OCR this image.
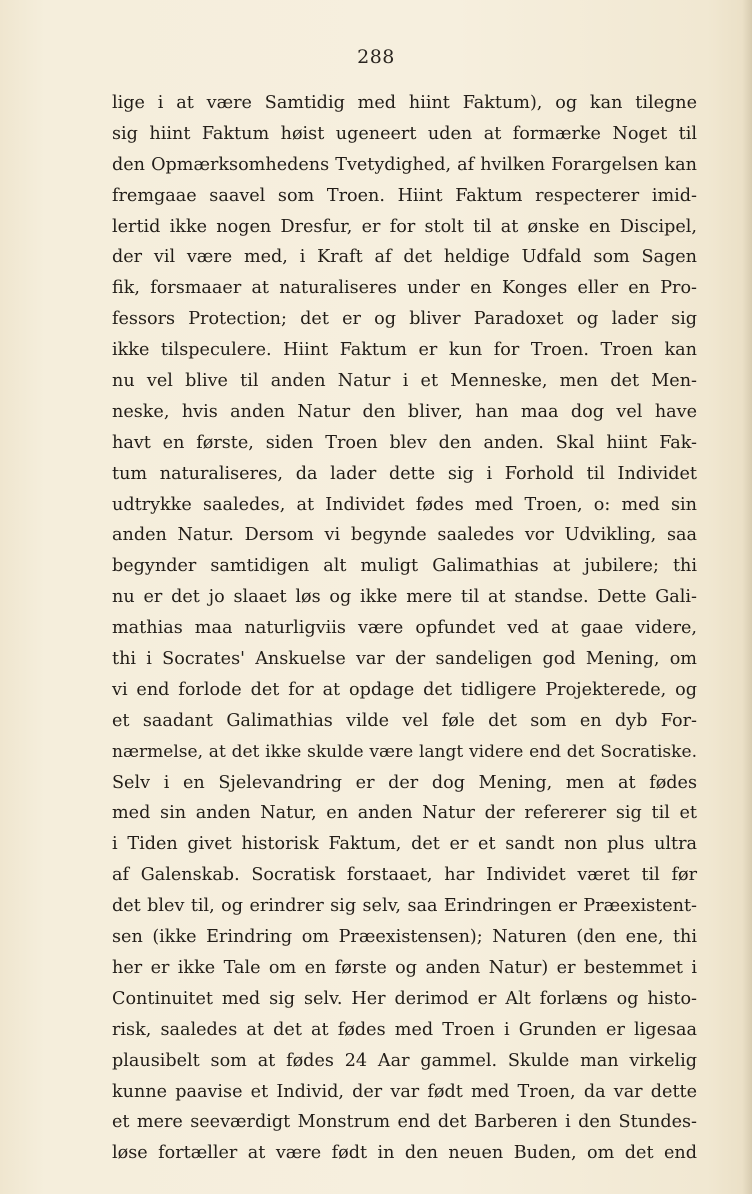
288
lige i at være Samtidig med hiint Faktum), og kan tilegne
sig hiint Faktum høist ugeneert uden at formærke Noget til
den Opmærksomhedens Tvetydighed, af hvilken Forargelsen kan
fremgaae saavel som Troen. Hiint Faktum respecterer imid-
lertid ikke nogen Dresfur, er for stolt til at ønske en Discipel,
der vil være med, i Kraft af det heldige Udfald som Sagen
fik, forsmaaer at naturaliseres under en Konges eller en Pro-
fessors Protection; det er og bliver Paradoxet og lader sig
ikke tilspeculere. Hiint Faktum er kun for Troen. Troen kan
nu vel blive til anden Natur i et Menneske, men det Men-
neske, hvis anden Natur den bliver, han maa dog vel have
havt en første, siden Troen blev den anden. Skal hiint Fak-
tum naturaliseres, da lader dette sig i Forhold til Individet
udtrykke saaledes, at Individet fødes med Troen, o: med sin
anden Natur. Dersom vi begynde saaledes vor Udvikling, saa
begynder samtidigen alt muligt Galimathias at jubilere; thi
nu er det jo slaaet løs og ikke mere til at standse. Dette Gali-
mathias maa naturligviis være opfundet ved at gaae videre,
thi i Socrates' Anskuelse var der sandeligen god Mening, om
vi end forlode det for at opdage det tidligere Projekterede, og
et saadant Galimathias vilde vel føle det som en dyb For-
nærmelse, at det ikke skulde være langt videre end det Socratiske.
Selv i en Sjelevandring er der dog Mening, men at fødes
med sin anden Natur, en anden Natur der refererer sig til et
i Tiden givet historisk Faktum, det er et sandt non plus ultra
af Galenskab. Socratisk forstaaet, har Individet været til før
det blev til, og erindrer sig selv, saa Erindringen er Præexistent-
sen (ikke Erindring om Præexistensen); Naturen (den ene, thi
her er ikke Tale om en første og anden Natur) er bestemmet i
Continuitet med sig selv. Her derimod er Alt forlæns og histo-
risk, saaledes at det at fødes med Troen i Grunden er ligesaa
plausibelt som at fødes 24 Aar gammel. Skulde man virkelig
kunne paavise et Individ, der var født med Troen, da var dette
et mere seeværdigt Monstrum end det Barberen i den Stundes-
løse fortæller at være født in den neuen Buden, om det end
